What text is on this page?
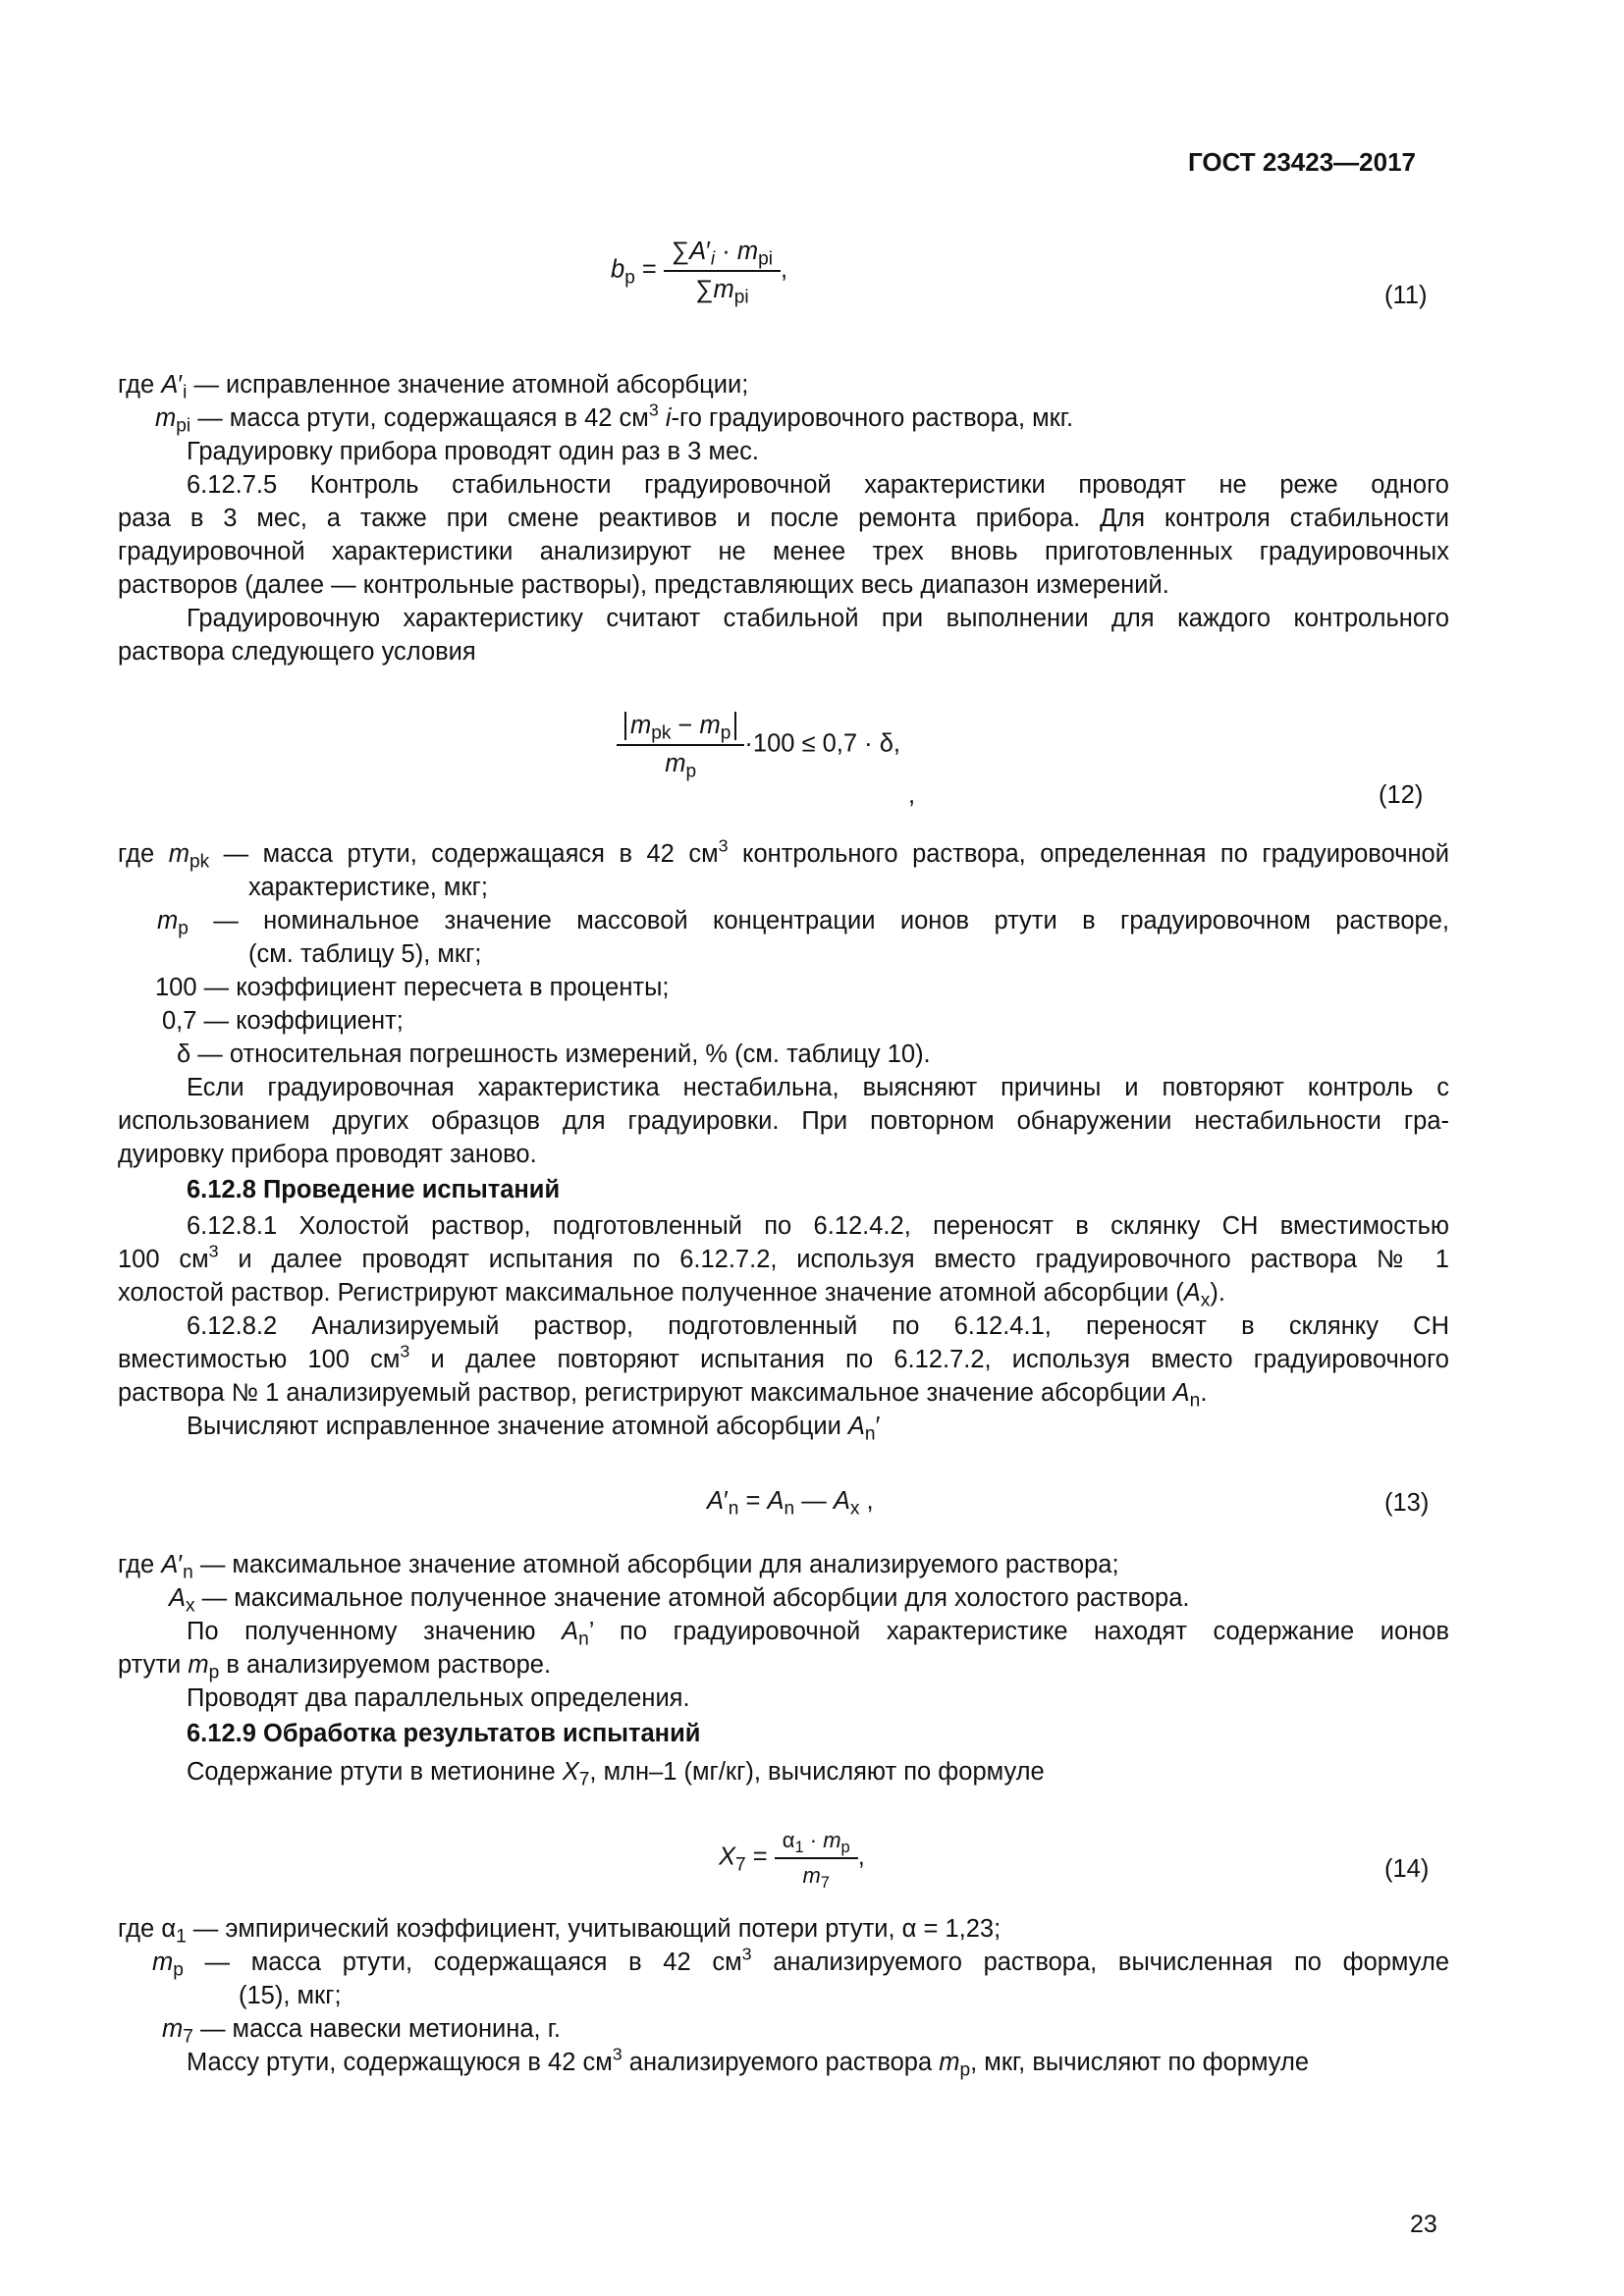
ГОСТ 23423—2017
$b_p = \frac{\sum A'_i \cdot m_{pi}}{\sum m_{pi}}$ ,
(11)
где $A'_i$ — исправленное значение атомной абсорбции;
$m_{pi}$ — масса ртути, содержащаяся в 42 $см^3$ i-го градуировочного раствора, мкг.
Градуировку прибора проводят один раз в 3 мес.
6.12.7.5 Контроль стабильности градуировочной характеристики проводят не реже одного
раза в 3 мес, а также при смене реактивов и после ремонта прибора. Для контроля стабильности
градуировочной характеристики анализируют не менее трех вновь приготовленных градуировочных
растворов (далее — контрольные растворы), представляющих весь диапазон измерений.
Градуировочную характеристику считают стабильной при выполнении для каждого контрольного
раствора следующего условия
$\frac{m_{pk} - m_p}{m_p} \cdot 100 \le 0,7 \cdot \delta$,
,	(12)
где $m_{pk}$ — масса ртути, содержащаяся в 42 $см^3$ контрольного раствора, определенная по градуировочной
характеристике, мкг;
$m_p$ — номинальное значение массовой концентрации ионов ртути в градуировочном растворе,
(см. таблицу 5), мкг;
100 — коэффициент пересчета в проценты;
0,7 — коэффициент;
δ — относительная погрешность измерений, % (см. таблицу 10).
Если градуировочная характеристика нестабильна, выясняют причины и повторяют контроль с
использованием других образцов для градуировки. При повторном обнаружении нестабильности гра-
дуировку прибора проводят заново.
6.12.8 Проведение испытаний
6.12.8.1 Холостой раствор, подготовленный по 6.12.4.2, переносят в склянку СН вместимостью
100 $см^3$ и далее проводят испытания по 6.12.7.2, используя вместо градуировочного раствора № 1
холостой раствор. Регистрируют максимальное полученное значение атомной абсорбции $(A_x)$.
6.12.8.2 Анализируемый раствор, подготовленный по 6.12.4.1, переносят в склянку СН
вместимостью 100 $см^3$ и далее повторяют испытания по 6.12.7.2, используя вместо градуировочного
раствора № 1 анализируемый раствор, регистрируют максимальное значение абсорбции $A_n$.
Вычисляют исправленное значение атомной абсорбции $A_n'$
$A'_n = A_n$ — $A_x$ ,	(13)
где $A'_n$ — максимальное значение атомной абсорбции для анализируемого раствора;
$A_x$ — максимальное полученное значение атомной абсорбции для холостого раствора.
По полученному значению $A_n$’ по градуировочной характеристике находят содержание ионов
ртути $m_p$ в анализируемом растворе.
Проводят два параллельных определения.
6.12.9 Обработка результатов испытаний
Содержание ртути в метионине $X_7$, млн–1 (мг/кг), вычисляют по формуле
$X_7 = \frac{\alpha_1 \cdot m_p}{m_7}$ ,	(14)
где $\alpha_1$ — эмпирический коэффициент, учитывающий потери ртути, α = 1,23;
$m_p$ — масса ртути, содержащаяся в 42 $см^3$ анализируемого раствора, вычисленная по формуле
(15), мкг;
$m_7$ — масса навески метионина, г.
Массу ртути, содержащуюся в 42 $см^3$ анализируемого раствора $m_p$, мкг, вычисляют по формуле
23
